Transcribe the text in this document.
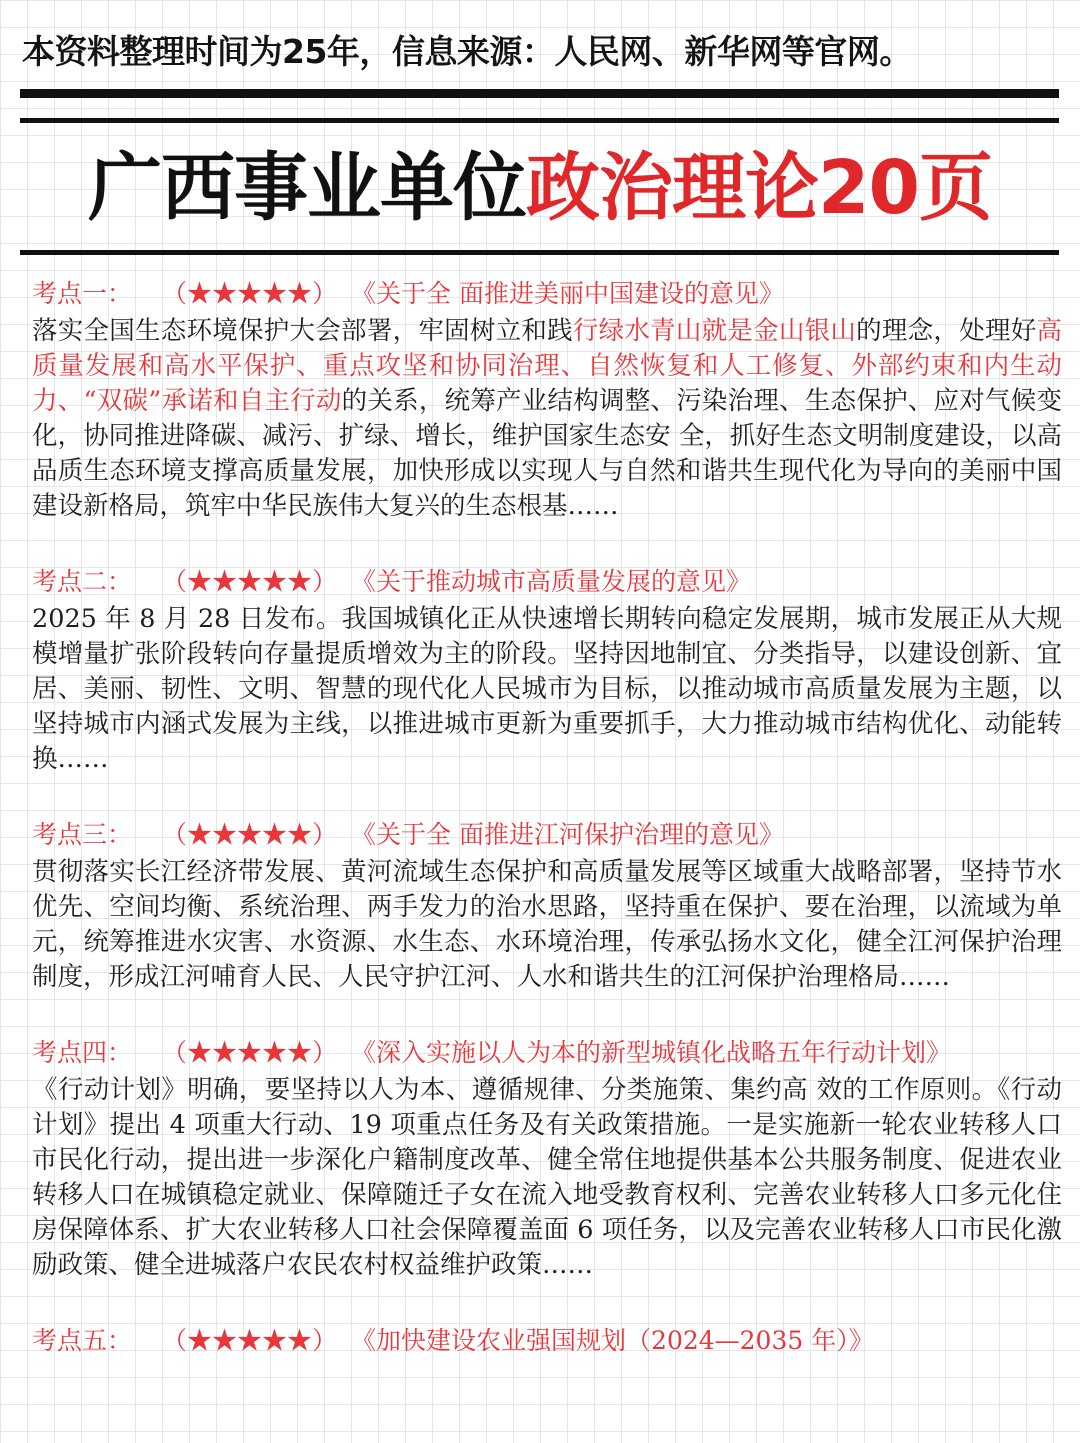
本资料整理时间为25年，信息来源：人民网、新华网等官网。
广西事业单位政治理论20页
考点一： （★★★★★） 《关于全 面推进美丽中国建设的意见》
落实全国生态环境保护大会部署，牢固树立和践行绿水青山就是金山银山的理念，处理好高质量发展和高水平保护、重点攻坚和协同治理、自然恢复和人工修复、外部约束和内生动力、“双碳”承诺和自主行动的关系，统筹产业结构调整、污染治理、生态保护、应对气候变化，协同推进降碳、减污、扩绿、增长，维护国家生态安 全，抓好生态文明制度建设，以高品质生态环境支撑高质量发展，加快形成以实现人与自然和谐共生现代化为导向的美丽中国建设新格局，筑牢中华民族伟大复兴的生态根基……
考点二： （★★★★★） 《关于推动城市高质量发展的意见》
2025 年 8 月 28 日发布。我国城镇化正从快速增长期转向稳定发展期，城市发展正从大规模增量扩张阶段转向存量提质增效为主的阶段。坚持因地制宜、分类指导，以建设创新、宜居、美丽、韧性、文明、智慧的现代化人民城市为目标，以推动城市高质量发展为主题，以坚持城市内涵式发展为主线，以推进城市更新为重要抓手，大力推动城市结构优化、动能转换……
考点三： （★★★★★） 《关于全 面推进江河保护治理的意见》
贯彻落实长江经济带发展、黄河流域生态保护和高质量发展等区域重大战略部署，坚持节水优先、空间均衡、系统治理、两手发力的治水思路，坚持重在保护、要在治理，以流域为单元，统筹推进水灾害、水资源、水生态、水环境治理，传承弘扬水文化，健全江河保护治理制度，形成江河哺育人民、人民守护江河、人水和谐共生的江河保护治理格局……
考点四： （★★★★★） 《深入实施以人为本的新型城镇化战略五年行动计划》
《行动计划》明确，要坚持以人为本、遵循规律、分类施策、集约高 效的工作原则。《行动计划》提出 4 项重大行动、19 项重点任务及有关政策措施。一是实施新一轮农业转移人口市民化行动，提出进一步深化户籍制度改革、健全常住地提供基本公共服务制度、促进农业转移人口在城镇稳定就业、保障随迁子女在流入地受教育权利、完善农业转移人口多元化住房保障体系、扩大农业转移人口社会保障覆盖面 6 项任务，以及完善农业转移人口市民化激励政策、健全进城落户农民农村权益维护政策……
考点五： （★★★★★） 《加快建设农业强国规划（2024—2035 年）》
